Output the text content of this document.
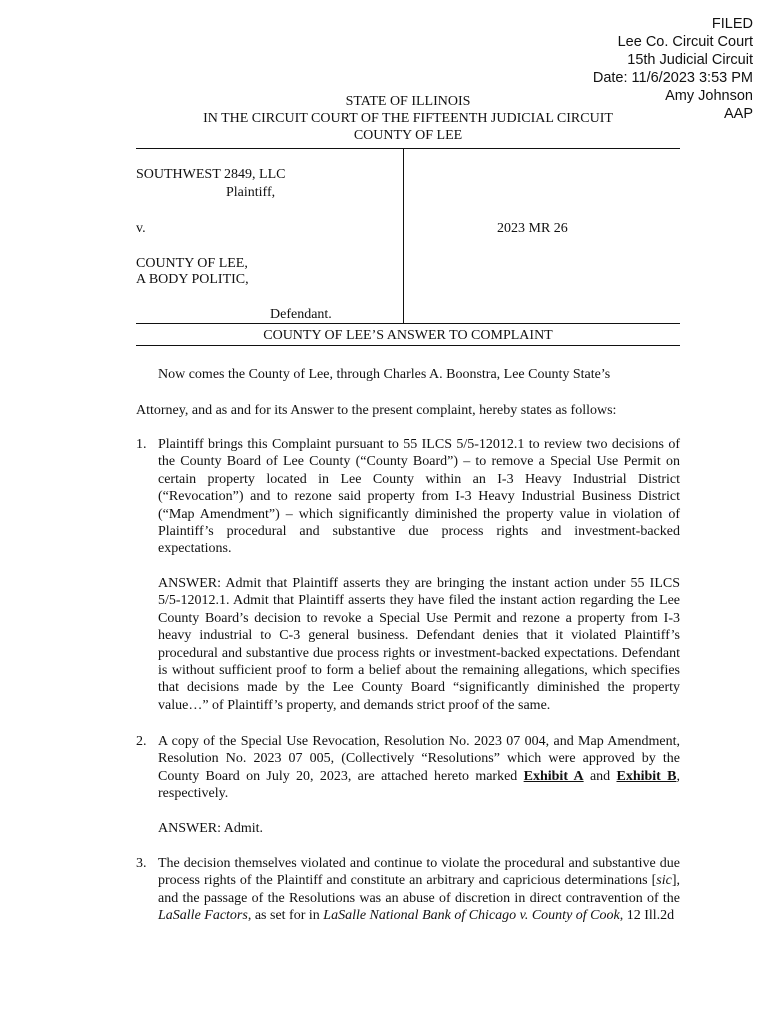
FILED
Lee Co. Circuit Court
15th Judicial Circuit
Date: 11/6/2023 3:53 PM
Amy Johnson
AAP
STATE OF ILLINOIS
IN THE CIRCUIT COURT OF THE FIFTEENTH JUDICIAL CIRCUIT
COUNTY OF LEE
SOUTHWEST 2849, LLC
Plaintiff,
v.	2023 MR 26
COUNTY OF LEE,
A BODY POLITIC,
Defendant.
COUNTY OF LEE’S ANSWER TO COMPLAINT
Now comes the County of Lee, through Charles A. Boonstra, Lee County State’s
Attorney, and as and for its Answer to the present complaint, hereby states as follows:
1. Plaintiff brings this Complaint pursuant to 55 ILCS 5/5-12012.1 to review two decisions of the County Board of Lee County (“County Board”) – to remove a Special Use Permit on certain property located in Lee County within an I-3 Heavy Industrial District (“Revocation”) and to rezone said property from I-3 Heavy Industrial Business District (“Map Amendment”) – which significantly diminished the property value in violation of Plaintiff’s procedural and substantive due process rights and investment-backed expectations.
ANSWER: Admit that Plaintiff asserts they are bringing the instant action under 55 ILCS 5/5-12012.1. Admit that Plaintiff asserts they have filed the instant action regarding the Lee County Board’s decision to revoke a Special Use Permit and rezone a property from I-3 heavy industrial to C-3 general business. Defendant denies that it violated Plaintiff’s procedural and substantive due process rights or investment-backed expectations. Defendant is without sufficient proof to form a belief about the remaining allegations, which specifies that decisions made by the Lee County Board “significantly diminished the property value…” of Plaintiff’s property, and demands strict proof of the same.
2. A copy of the Special Use Revocation, Resolution No. 2023 07 004, and Map Amendment, Resolution No. 2023 07 005, (Collectively “Resolutions” which were approved by the County Board on July 20, 2023, are attached hereto marked Exhibit A and Exhibit B, respectively.
ANSWER: Admit.
3. The decision themselves violated and continue to violate the procedural and substantive due process rights of the Plaintiff and constitute an arbitrary and capricious determinations [sic], and the passage of the Resolutions was an abuse of discretion in direct contravention of the LaSalle Factors, as set for in LaSalle National Bank of Chicago v. County of Cook, 12 Ill.2d
